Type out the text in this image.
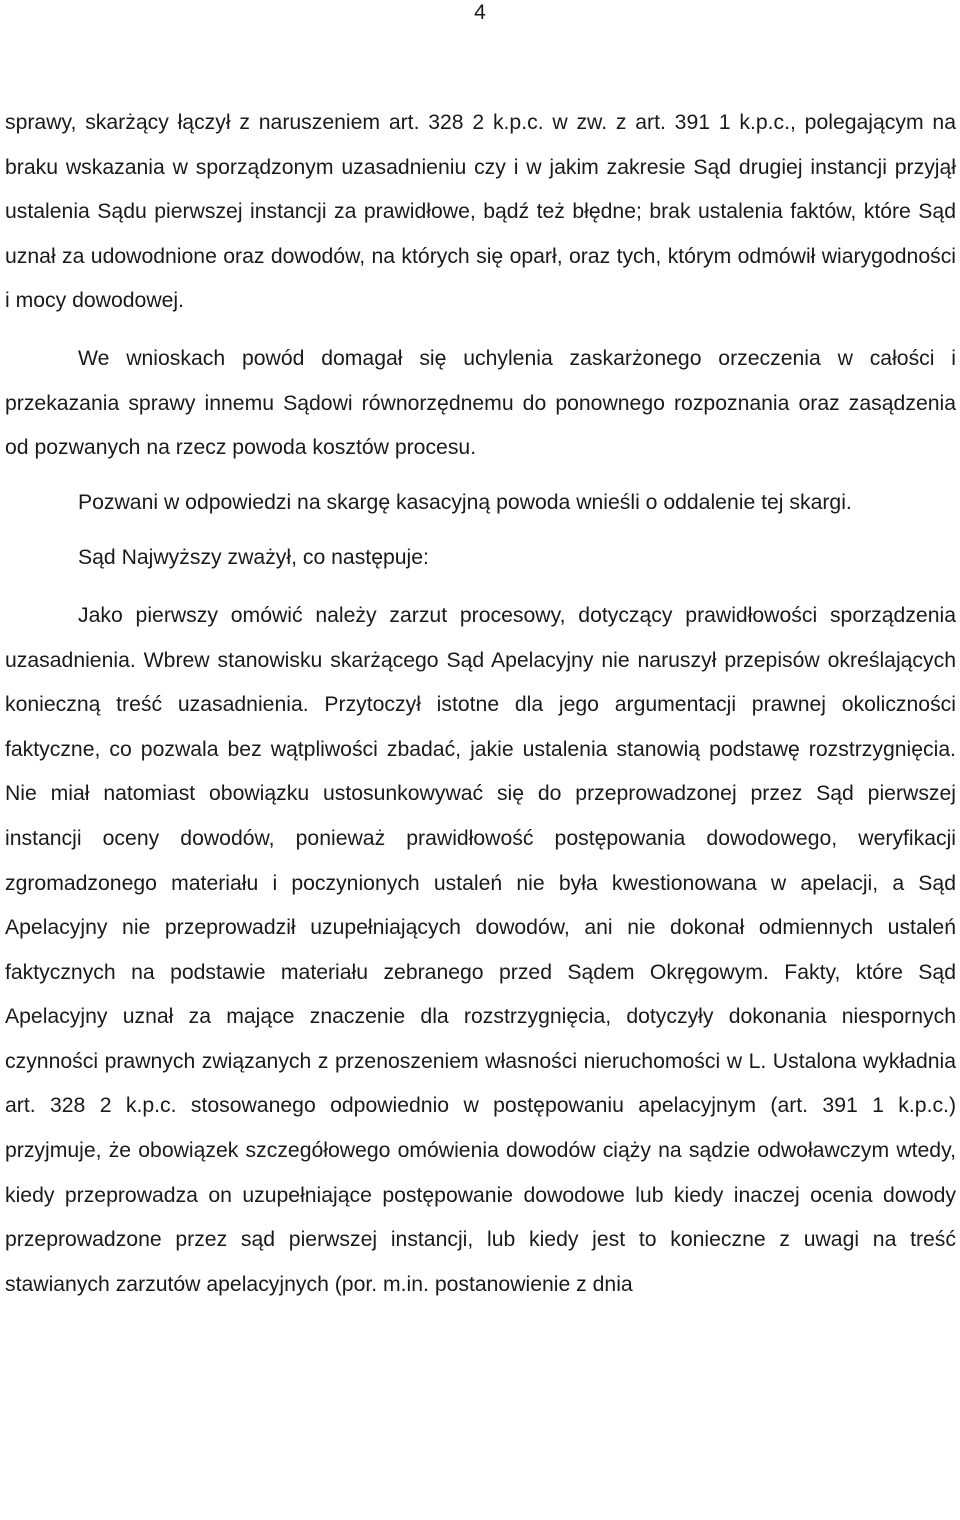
4

sprawy, skarżący łączył z naruszeniem art. 328 2 k.p.c. w zw. z art. 391 1 k.p.c., polegającym na braku wskazania w sporządzonym uzasadnieniu czy i w jakim zakresie Sąd drugiej instancji przyjął ustalenia Sądu pierwszej instancji za prawidłowe, bądź też błędne; brak ustalenia faktów, które Sąd uznał za udowodnione oraz dowodów, na których się oparł, oraz tych, którym odmówił wiarygodności i mocy dowodowej.

We wnioskach powód domagał się uchylenia zaskarżonego orzeczenia w całości i przekazania sprawy innemu Sądowi równorzędnemu do ponownego rozpoznania oraz zasądzenia od pozwanych na rzecz powoda kosztów procesu.

Pozwani w odpowiedzi na skargę kasacyjną powoda wnieśli o oddalenie tej skargi.

Sąd Najwyższy zważył, co następuje:

Jako pierwszy omówić należy zarzut procesowy, dotyczący prawidłowości sporządzenia uzasadnienia. Wbrew stanowisku skarżącego Sąd Apelacyjny nie naruszył przepisów określających konieczną treść uzasadnienia. Przytoczył istotne dla jego argumentacji prawnej okoliczności faktyczne, co pozwala bez wątpliwości zbadać, jakie ustalenia stanowią podstawę rozstrzygnięcia. Nie miał natomiast obowiązku ustosunkowywać się do przeprowadzonej przez Sąd pierwszej instancji oceny dowodów, ponieważ prawidłowość postępowania dowodowego, weryfikacji zgromadzonego materiału i poczynionych ustaleń nie była kwestionowana w apelacji, a Sąd Apelacyjny nie przeprowadził uzupełniających dowodów, ani nie dokonał odmiennych ustaleń faktycznych na podstawie materiału zebranego przed Sądem Okręgowym. Fakty, które Sąd Apelacyjny uznał za mające znaczenie dla rozstrzygnięcia, dotyczyły dokonania niespornych czynności prawnych związanych z przenoszeniem własności nieruchomości w L. Ustalona wykładnia art. 328 2 k.p.c. stosowanego odpowiednio w postępowaniu apelacyjnym (art. 391 1 k.p.c.) przyjmuje, że obowiązek szczegółowego omówienia dowodów ciąży na sądzie odwoławczym wtedy, kiedy przeprowadza on uzupełniające postępowanie dowodowe lub kiedy inaczej ocenia dowody przeprowadzone przez sąd pierwszej instancji, lub kiedy jest to konieczne z uwagi na treść stawianych zarzutów apelacyjnych (por. m.in. postanowienie z dnia
